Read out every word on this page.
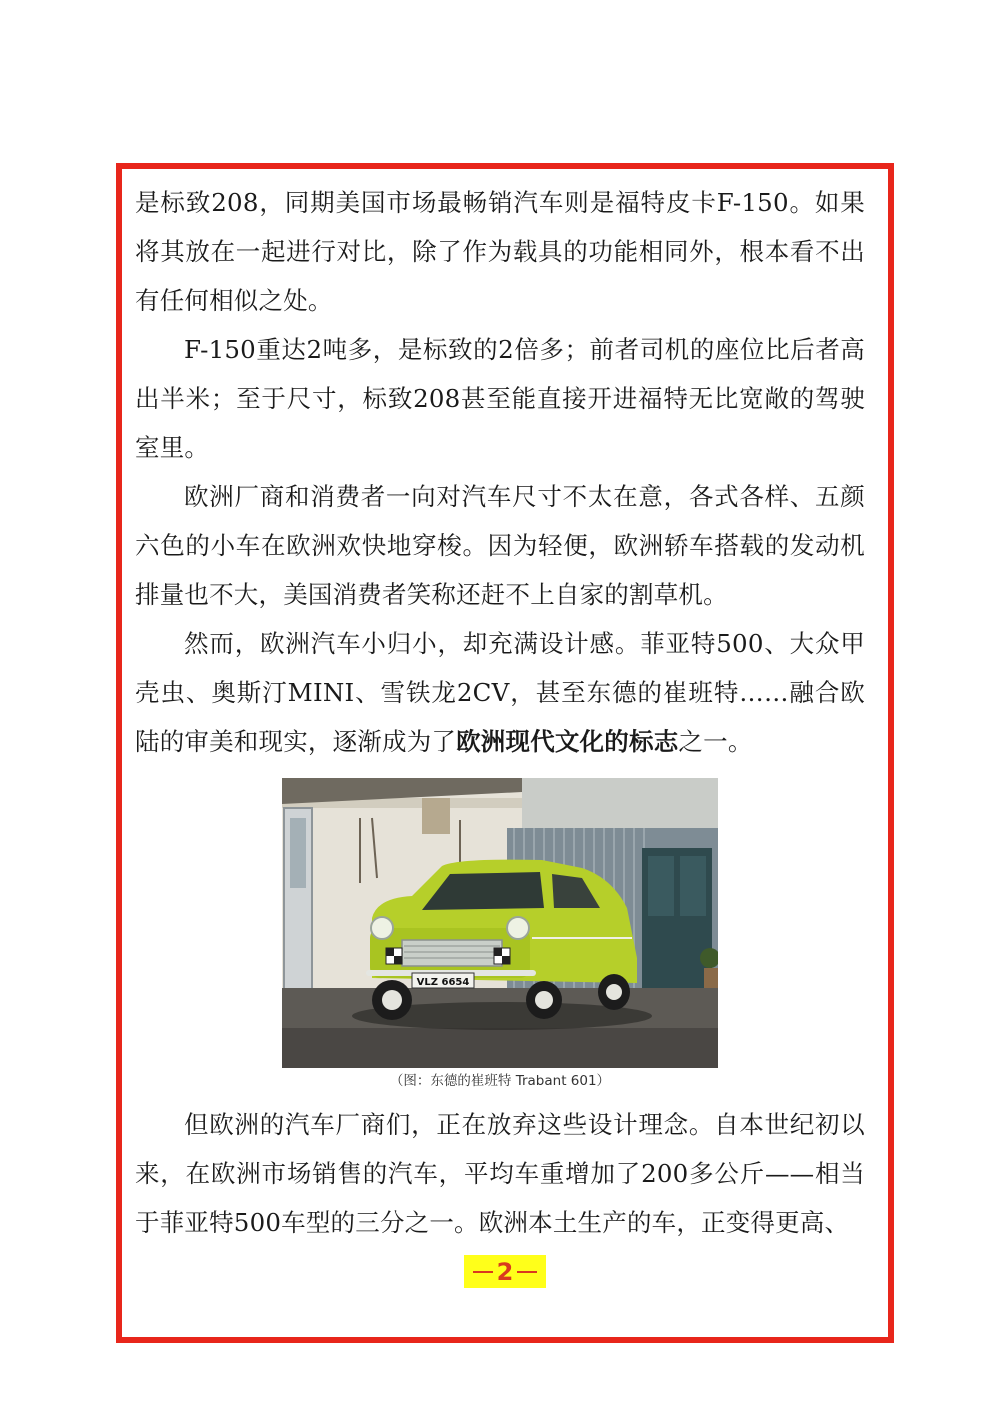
是标致208，同期美国市场最畅销汽车则是福特皮卡F-150。如果将其放在一起进行对比，除了作为载具的功能相同外，根本看不出有任何相似之处。

F-150重达2吨多，是标致的2倍多；前者司机的座位比后者高出半米；至于尺寸，标致208甚至能直接开进福特无比宽敞的驾驶室里。

欧洲厂商和消费者一向对汽车尺寸不太在意，各式各样、五颜六色的小车在欧洲欢快地穿梭。因为轻便，欧洲轿车搭载的发动机排量也不大，美国消费者笑称还赶不上自家的割草机。

然而，欧洲汽车小归小，却充满设计感。菲亚特500、大众甲壳虫、奥斯汀MINI、雪铁龙2CV，甚至东德的崔班特……融合欧陆的审美和现实，逐渐成为了欧洲现代文化的标志之一。

VLZ 6654
（图：东德的崔班特 Trabant 601）

但欧洲的汽车厂商们，正在放弃这些设计理念。自本世纪初以来，在欧洲市场销售的汽车，平均车重增加了200多公斤——相当于菲亚特500车型的三分之一。欧洲本土生产的车，正变得更高、

2
